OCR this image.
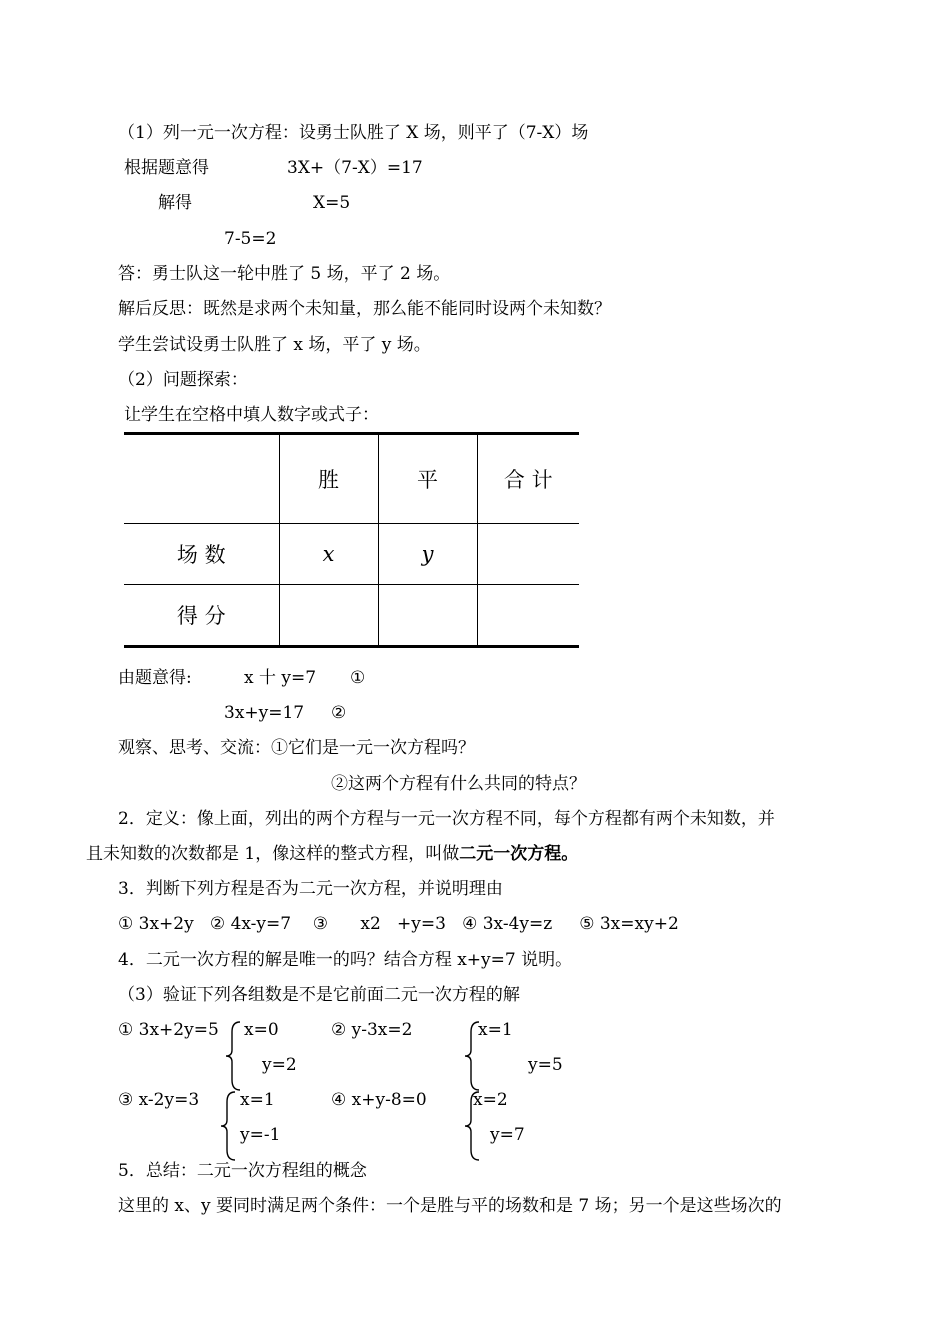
（1）列一元一次方程：设勇士队胜了 X 场，则平了（7-X）场
根据题意得	3X+（7-X）=17
解得	X=5
7-5=2
答：勇士队这一轮中胜了 5 场，平了 2 场。
解后反思：既然是求两个未知量，那么能不能同时设两个未知数？
学生尝试设勇士队胜了 x 场，平了 y 场。
（2）问题探索：
让学生在空格中填人数字或式子：
	胜	平	合 计
场 数	x	y	
得 分			
由题意得:	x 十 y=7 ①
3x+y=17 ②
观察、思考、交流：①它们是一元一次方程吗？
②这两个方程有什么共同的特点？
2．定义：像上面，列出的两个方程与一元一次方程不同，每个方程都有两个未知数，并
且未知数的次数都是 1，像这样的整式方程，叫做二元一次方程。
3．判断下列方程是否为二元一次方程，并说明理由
① 3x+2y   ② 4x-y=7    ③      x2   +y=3   ④ 3x-4y=z     ⑤ 3x=xy+2
4．二元一次方程的解是唯一的吗？结合方程 x+y=7 说明。
（3）验证下列各组数是不是它前面二元一次方程的解
① 3x+2y=5 x=0
y=2
② y-3x=2	x=1
y=5
③ x-2y=3 x=1
y=-1
④ x+y-8=0	x=2
y=7
5．总结：二元一次方程组的概念
这里的 x、y 要同时满足两个条件：一个是胜与平的场数和是 7 场；另一个是这些场次的
